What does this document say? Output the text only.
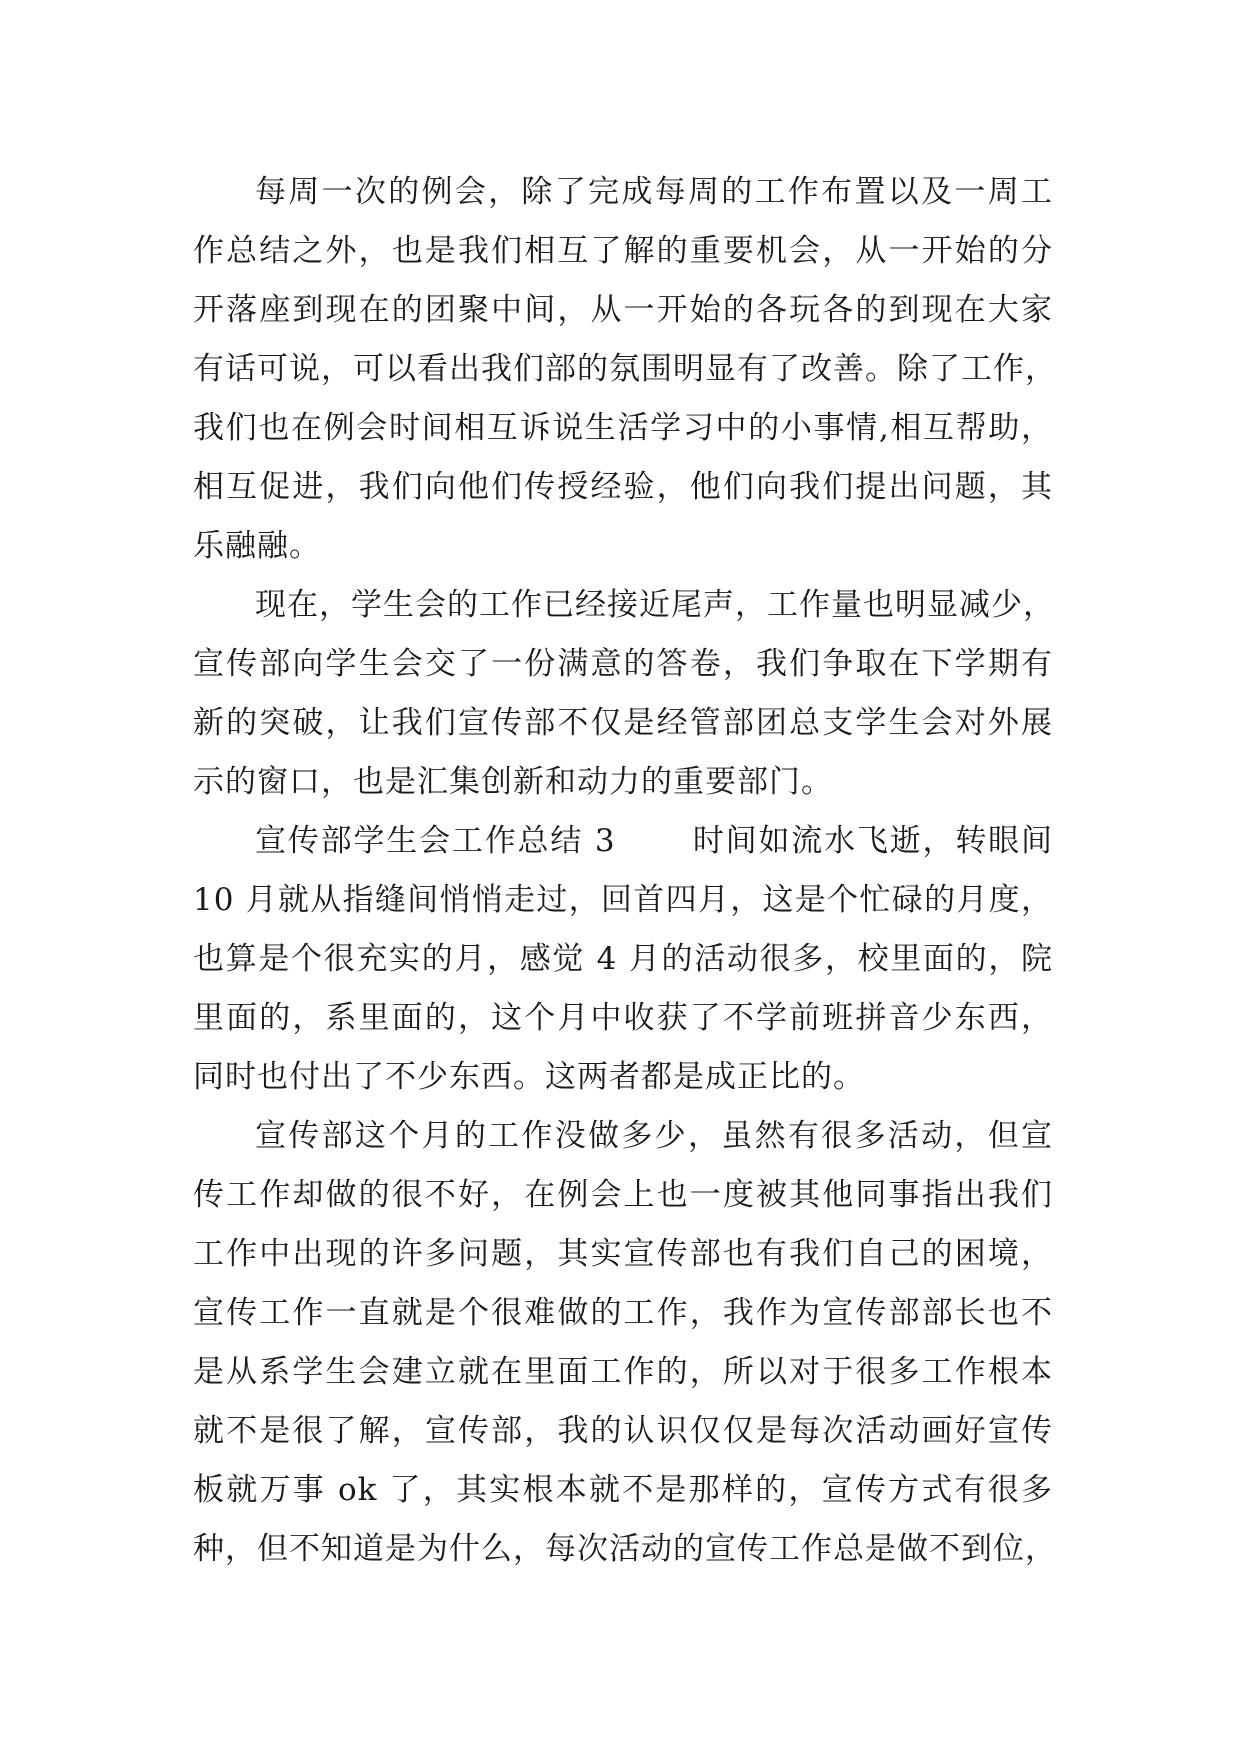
每周一次的例会，除了完成每周的工作布置以及一周工
作总结之外，也是我们相互了解的重要机会，从一开始的分
开落座到现在的团聚中间，从一开始的各玩各的到现在大家
有话可说，可以看出我们部的氛围明显有了改善。除了工作，
我们也在例会时间相互诉说生活学习中的小事情,相互帮助，
相互促进，我们向他们传授经验，他们向我们提出问题，其
乐融融。
现在，学生会的工作已经接近尾声，工作量也明显减少，
宣传部向学生会交了一份满意的答卷，我们争取在下学期有
新的突破，让我们宣传部不仅是经管部团总支学生会对外展
示的窗口，也是汇集创新和动力的重要部门。
宣传部学生会工作总结 3 　　时间如流水飞逝，转眼间
10 月就从指缝间悄悄走过，回首四月，这是个忙碌的月度，
也算是个很充实的月，感觉 4 月的活动很多，校里面的，院
里面的，系里面的，这个月中收获了不学前班拼音少东西，
同时也付出了不少东西。这两者都是成正比的。
宣传部这个月的工作没做多少，虽然有很多活动，但宣
传工作却做的很不好，在例会上也一度被其他同事指出我们
工作中出现的许多问题，其实宣传部也有我们自己的困境，
宣传工作一直就是个很难做的工作，我作为宣传部部长也不
是从系学生会建立就在里面工作的，所以对于很多工作根本
就不是很了解，宣传部，我的认识仅仅是每次活动画好宣传
板就万事 ok 了，其实根本就不是那样的，宣传方式有很多
种，但不知道是为什么，每次活动的宣传工作总是做不到位，
